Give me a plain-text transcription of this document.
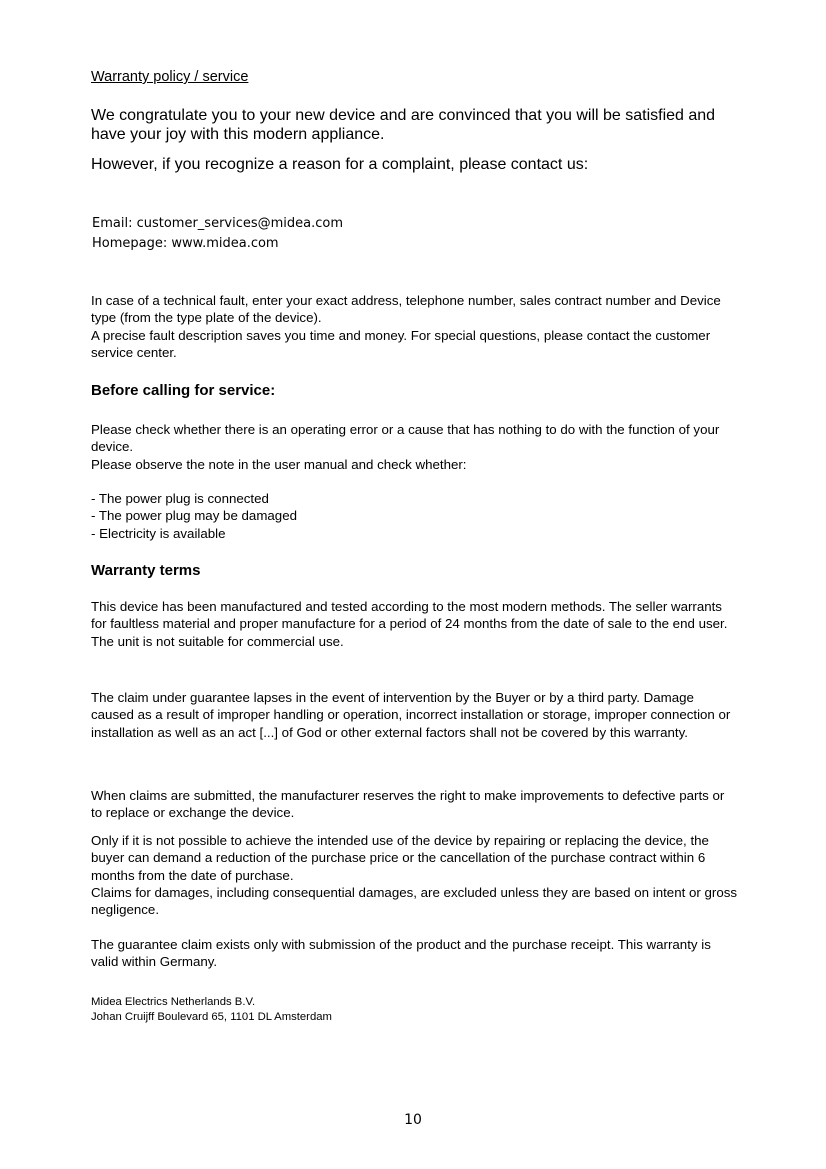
Warranty policy / service

We congratulate you to your new device and are convinced that you will be satisfied and have your joy with this modern appliance.

However, if you recognize a reason for a complaint, please contact us:

Email: customer_services@midea.com
Homepage: www.midea.com
In case of a technical fault, enter your exact address, telephone number, sales contract number and Device type (from the type plate of the device).
A precise fault description saves you time and money. For special questions, please contact the customer service center.

Before calling for service:

Please check whether there is an operating error or a cause that has nothing to do with the function of your device.
Please observe the note in the user manual and check whether:
- The power plug is connected
- The power plug may be damaged
- Electricity is available

Warranty terms

This device has been manufactured and tested according to the most modern methods. The seller warrants for faultless material and proper manufacture for a period of 24 months from the date of sale to the end user. The unit is not suitable for commercial use.

The claim under guarantee lapses in the event of intervention by the Buyer or by a third party. Damage caused as a result of improper handling or operation, incorrect installation or storage, improper connection or installation as well as an act [...] of God or other external factors shall not be covered by this warranty.

When claims are submitted, the manufacturer reserves the right to make improvements to defective parts or to replace or exchange the device.

Only if it is not possible to achieve the intended use of the device by repairing or replacing the device, the buyer can demand a reduction of the purchase price or the cancellation of the purchase contract within 6 months from the date of purchase.
Claims for damages, including consequential damages, are excluded unless they are based on intent or gross negligence.

The guarantee claim exists only with submission of the product and the purchase receipt. This warranty is valid within Germany.

Midea Electrics Netherlands B.V.
Johan Cruijff Boulevard 65, 1101 DL Amsterdam
10
